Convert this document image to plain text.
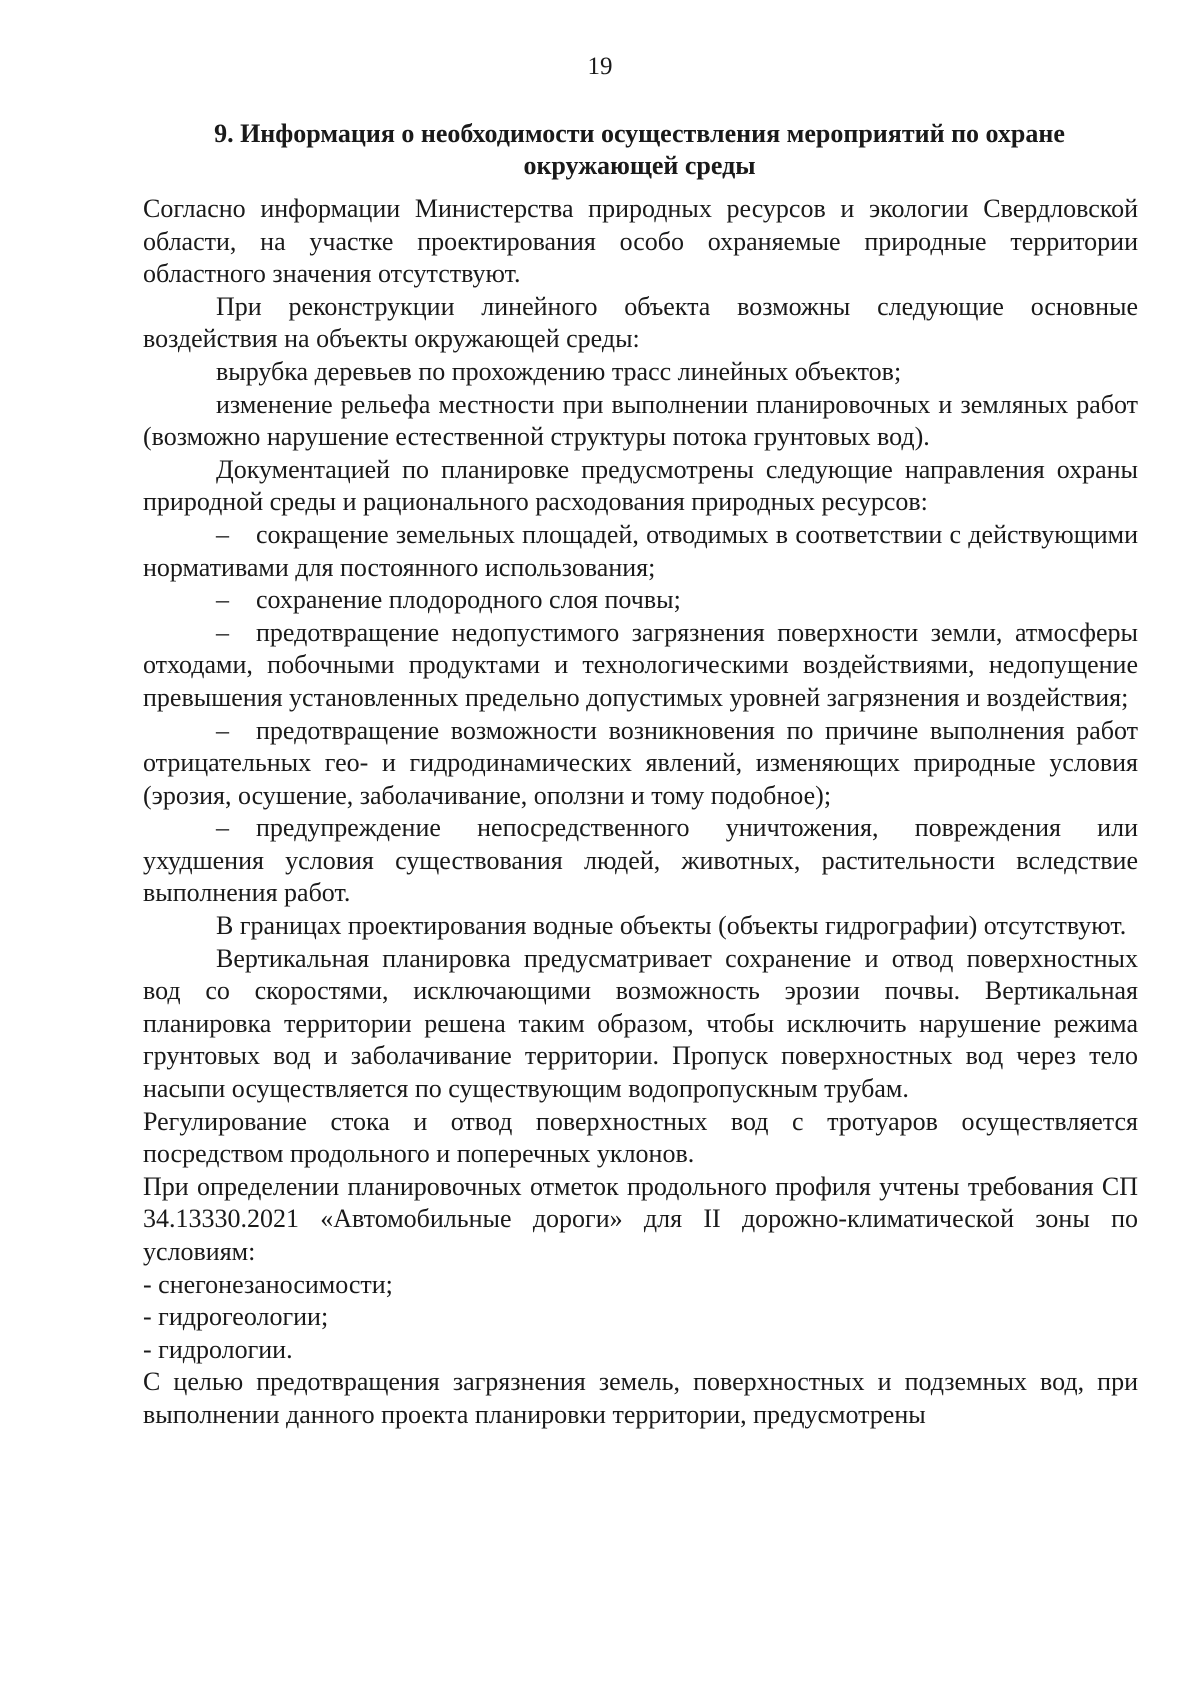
19
9. Информация о необходимости осуществления мероприятий по охране окружающей среды

Согласно информации Министерства природных ресурсов и экологии Свердловской области, на участке проектирования особо охраняемые природные территории областного значения отсутствуют.

При реконструкции линейного объекта возможны следующие основные воздействия на объекты окружающей среды:

вырубка деревьев по прохождению трасс линейных объектов;

изменение рельефа местности при выполнении планировочных и земляных работ (возможно нарушение естественной структуры потока грунтовых вод).

Документацией по планировке предусмотрены следующие направления охраны природной среды и рационального расходования природных ресурсов:

– сокращение земельных площадей, отводимых в соответствии с действующими нормативами для постоянного использования;

– сохранение плодородного слоя почвы;

– предотвращение недопустимого загрязнения поверхности земли, атмосферы отходами, побочными продуктами и технологическими воздействиями, недопущение превышения установленных предельно допустимых уровней загрязнения и воздействия;

– предотвращение возможности возникновения по причине выполнения работ отрицательных гео- и гидродинамических явлений, изменяющих природные условия (эрозия, осушение, заболачивание, оползни и тому подобное);

– предупреждение непосредственного уничтожения, повреждения или ухудшения условия существования людей, животных, растительности вследствие выполнения работ.

В границах проектирования водные объекты (объекты гидрографии) отсутствуют.

Вертикальная планировка предусматривает сохранение и отвод поверхностных вод со скоростями, исключающими возможность эрозии почвы. Вертикальная планировка территории решена таким образом, чтобы исключить нарушение режима грунтовых вод и заболачивание территории. Пропуск поверхностных вод через тело насыпи осуществляется по существующим водопропускным трубам.

Регулирование стока и отвод поверхностных вод с тротуаров осуществляется посредством продольного и поперечных уклонов.

При определении планировочных отметок продольного профиля учтены требования СП 34.13330.2021 «Автомобильные дороги» для II дорожно-климатической зоны по условиям:

- снегонезаносимости;

- гидрогеологии;

- гидрологии.

С целью предотвращения загрязнения земель, поверхностных и подземных вод, при выполнении данного проекта планировки территории, предусмотрены
